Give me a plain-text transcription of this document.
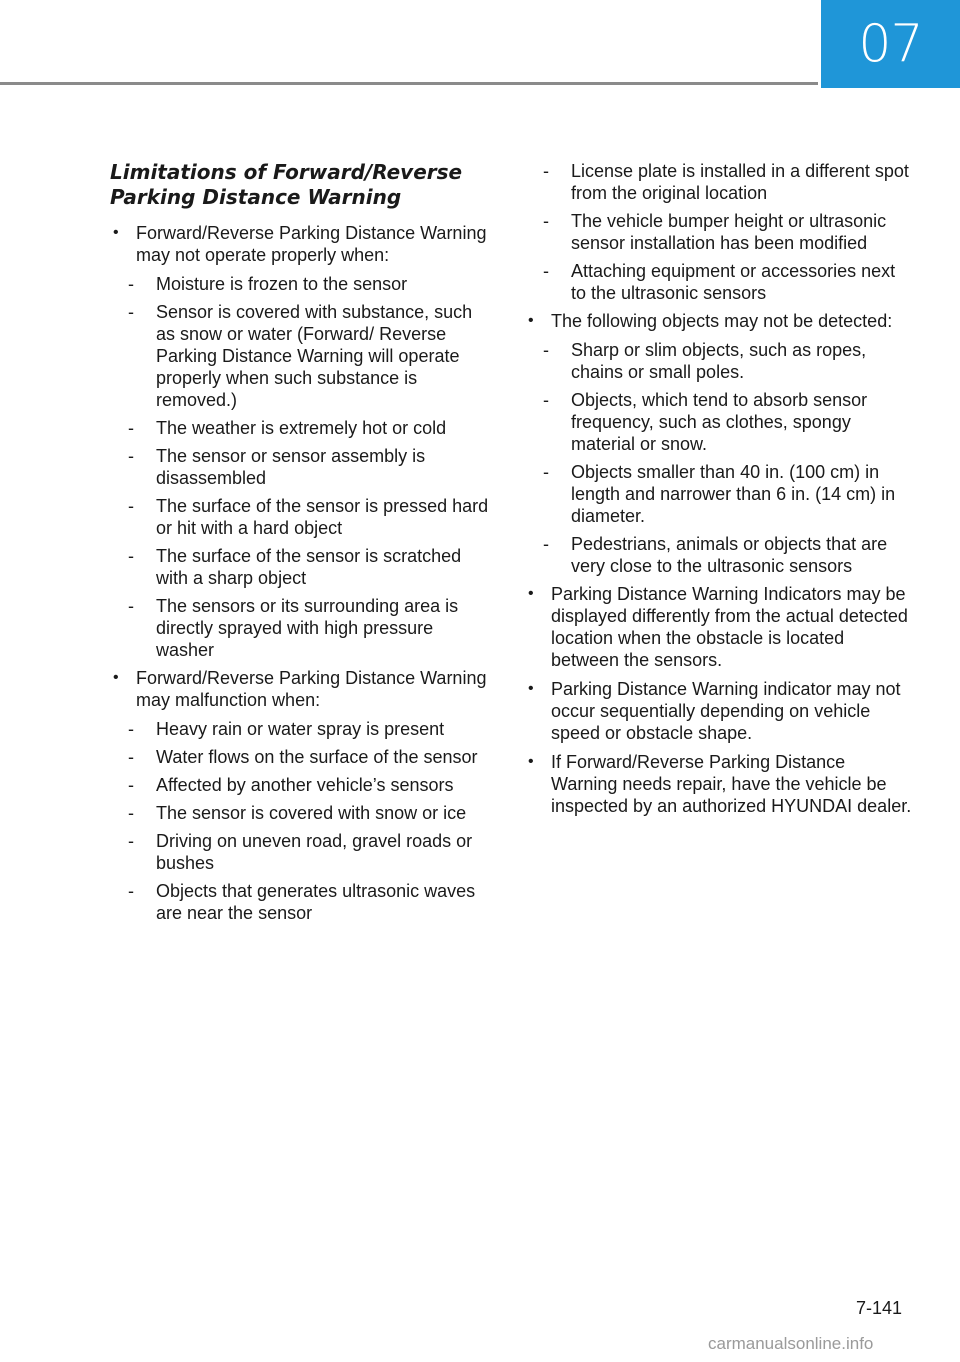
07
Limitations of Forward/Reverse
Parking Distance Warning
• Forward/Reverse Parking Distance Warning may not operate properly when:
- Moisture is frozen to the sensor
- Sensor is covered with substance, such as snow or water (Forward/ Reverse Parking Distance Warning will operate properly when such substance is removed.)
- The weather is extremely hot or cold
- The sensor or sensor assembly is disassembled
- The surface of the sensor is pressed hard or hit with a hard object
- The surface of the sensor is scratched with a sharp object
- The sensors or its surrounding area is directly sprayed with high pressure washer
• Forward/Reverse Parking Distance Warning may malfunction when:
- Heavy rain or water spray is present
- Water flows on the surface of the sensor
- Affected by another vehicle’s sensors
- The sensor is covered with snow or ice
- Driving on uneven road, gravel roads or bushes
- Objects that generates ultrasonic waves are near the sensor
- License plate is installed in a different spot from the original location
- The vehicle bumper height or ultrasonic sensor installation has been modified
- Attaching equipment or accessories next to the ultrasonic sensors
• The following objects may not be detected:
- Sharp or slim objects, such as ropes, chains or small poles.
- Objects, which tend to absorb sensor frequency, such as clothes, spongy material or snow.
- Objects smaller than 40 in. (100 cm) in length and narrower than 6 in. (14 cm) in diameter.
- Pedestrians, animals or objects that are very close to the ultrasonic sensors
• Parking Distance Warning Indicators may be displayed differently from the actual detected location when the obstacle is located between the sensors.
• Parking Distance Warning indicator may not occur sequentially depending on vehicle speed or obstacle shape.
• If Forward/Reverse Parking Distance Warning needs repair, have the vehicle be inspected by an authorized HYUNDAI dealer.
7-141
carmanualsonline.info
